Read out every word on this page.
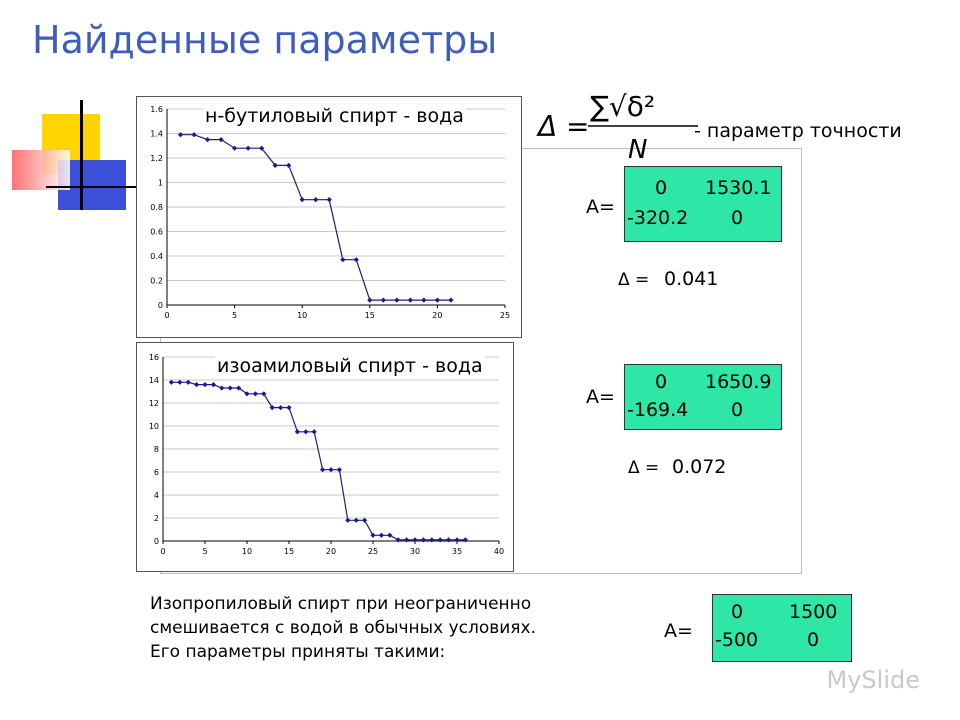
Найденные параметры
Δ =
∑√δ²
N
- параметр точности
0
0.2
0.4
0.6
0.8
1
1.2
1.4
1.6
0	5	10	15	20	25
н-бутиловый спирт - вода
0
2
4
6
8
10
12
14
16
0	5	10	15	20	25	30	35	40
изоамиловый спирт - вода
A=
0 1530.1
-320.2 0
Δ = 0.041
A=
0 1650.9
-169.4 0
Δ = 0.072
Изопропиловый спирт при неограниченно
смешивается с водой в обычных условиях.
Его параметры приняты такими:
A=
0 1500
-500	0
MySlide
